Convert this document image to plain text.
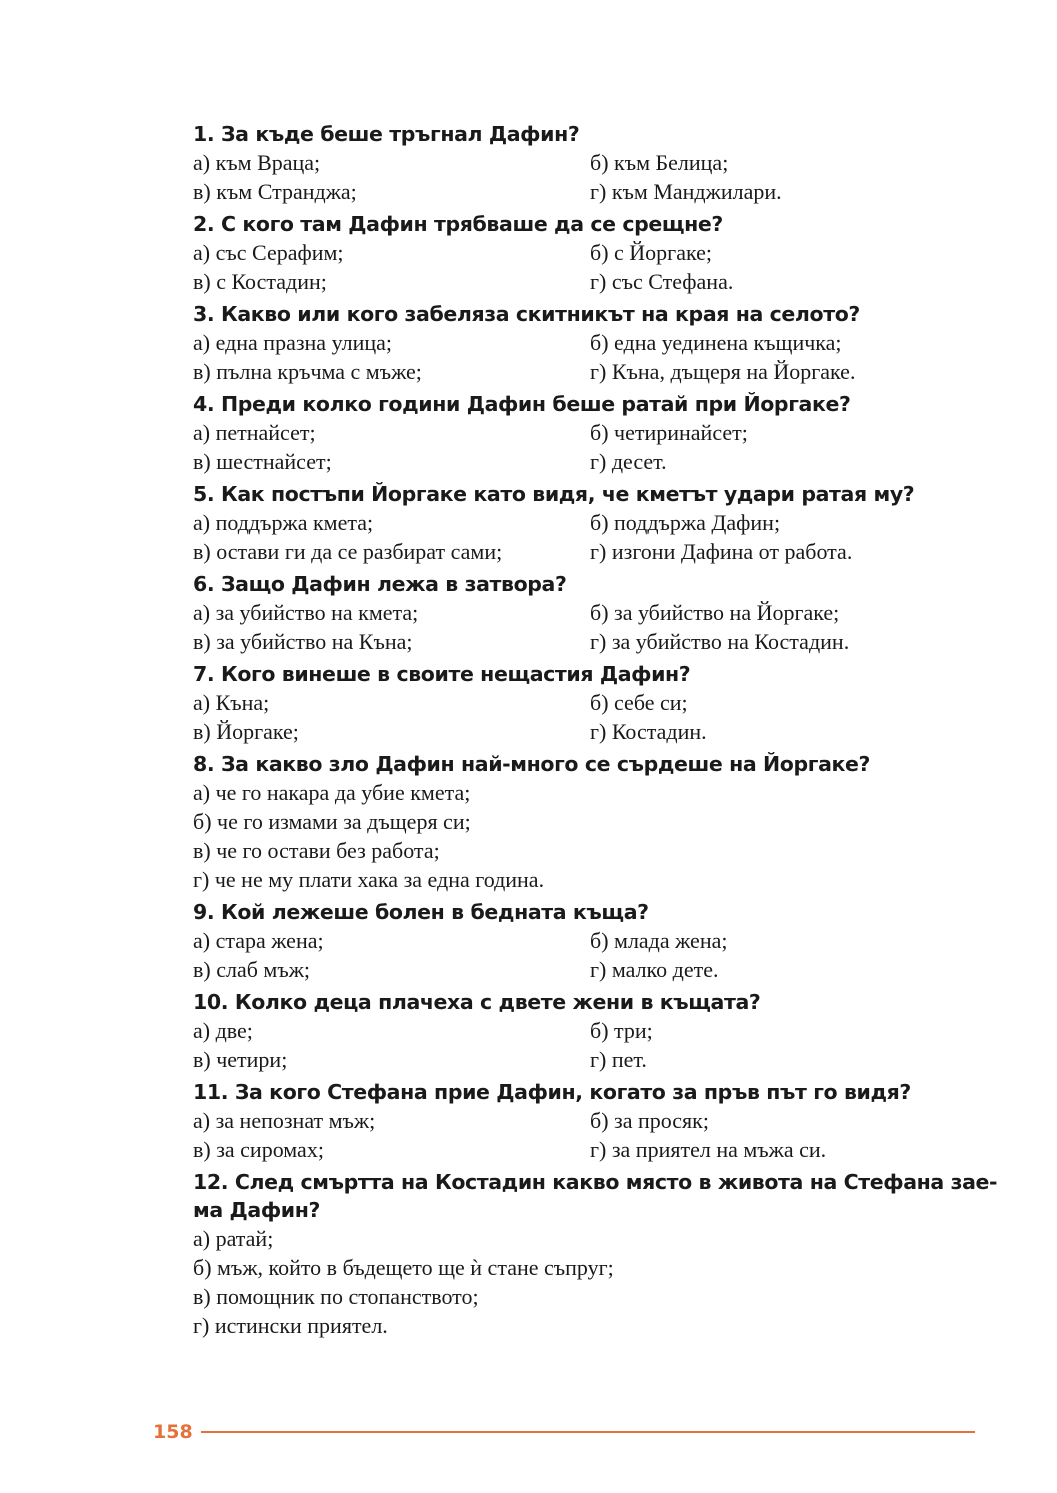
1. За къде беше тръгнал Дафин?
а) към Враца;	б) към Белица;
в) към Странджа;	г) към Манджилари.
2. С кого там Дафин трябваше да се срещне?
а) със Серафим;	б) с Йоргаке;
в) с Костадин;	г) със Стефана.
3. Какво или кого забеляза скитникът на края на селото?
а) една празна улица;	б) една уединена къщичка;
в) пълна кръчма с мъже;	г) Къна, дъщеря на Йоргаке.
4. Преди колко години Дафин беше ратай при Йоргаке?
а) петнайсет;	б) четиринайсет;
в) шестнайсет;	г) десет.
5. Как постъпи Йоргаке като видя, че кметът удари ратая му?
а) поддържа кмета;	б) поддържа Дафин;
в) остави ги да се разбират сами;	г) изгони Дафина от работа.
6. Защо Дафин лежа в затвора?
а) за убийство на кмета;	б) за убийство на Йоргаке;
в) за убийство на Къна;	г) за убийство на Костадин.
7. Кого винеше в своите нещастия Дафин?
а) Къна;	б) себе си;
в) Йоргаке;	г) Костадин.
8. За какво зло Дафин най-много се сърдеше на Йоргаке?
а) че го накара да убие кмета;
б) че го измами за дъщеря си;
в) че го остави без работа;
г) че не му плати хака за една година.
9. Кой лежеше болен в бедната къща?
а) стара жена;	б) млада жена;
в) слаб мъж;	г) малко дете.
10. Колко деца плачеха с двете жени в къщата?
а) две;	б) три;
в) четири;	г) пет.
11. За кого Стефана прие Дафин, когато за пръв път го видя?
а) за непознат мъж;	б) за просяк;
в) за сиромах;	г) за приятел на мъжа си.
12. След смъртта на Костадин какво място в живота на Стефана зае-
ма Дафин?
а) ратай;
б) мъж, който в бъдещето ще ѝ стане съпруг;
в) помощник по стопанството;
г) истински приятел.
158
